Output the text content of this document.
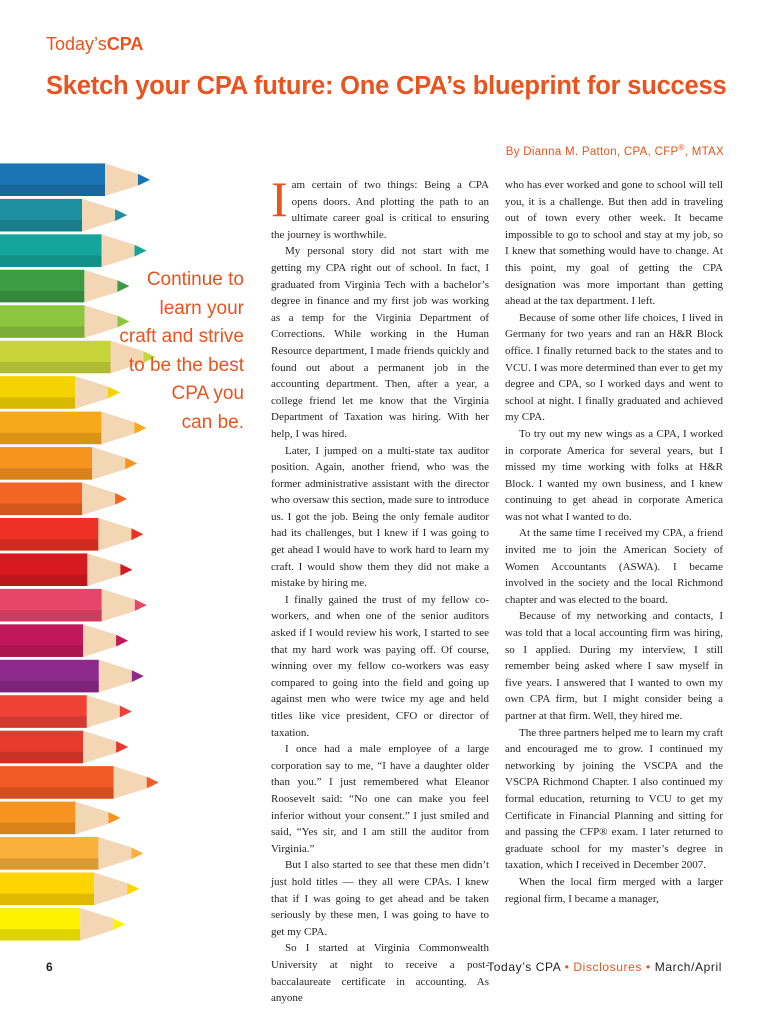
Today’sCPA
Sketch your CPA future: One CPA’s blueprint for success
By Dianna M. Patton, CPA, CFP®, MTAX
Continue to
learn your
craft and strive
to be the best
CPA you
can be.

Iam certain of two things: Being a CPA opens doors. And plotting the path to an ultimate career goal is critical to ensuring the journey is worthwhile.

My personal story did not start with me getting my CPA right out of school. In fact, I graduated from Virginia Tech with a bachelor’s degree in finance and my first job was working as a temp for the Virginia Department of Corrections. While working in the Human Resource department, I made friends quickly and found out about a permanent job in the accounting department. Then, after a year, a college friend let me know that the Virginia Department of Taxation was hiring. With her help, I was hired.

Later, I jumped on a multi-state tax auditor position. Again, another friend, who was the former administrative assistant with the director who oversaw this section, made sure to introduce us. I got the job. Being the only female auditor had its challenges, but I knew if I was going to get ahead I would have to work hard to learn my craft. I would show them they did not make a mistake by hiring me.

I finally gained the trust of my fellow co-workers, and when one of the senior auditors asked if I would review his work, I started to see that my hard work was paying off. Of course, winning over my fellow co-workers was easy compared to going into the field and going up against men who were twice my age and held titles like vice president, CFO or director of taxation.

I once had a male employee of a large corporation say to me, “I have a daughter older than you.” I just remembered what Eleanor Roosevelt said: “No one can make you feel inferior without your consent.” I just smiled and said, “Yes sir, and I am still the auditor from Virginia.”

But I also started to see that these men didn’t just hold titles — they all were CPAs. I knew that if I was going to get ahead and be taken seriously by these men, I was going to have to get my CPA.

So I started at Virginia Commonwealth University at night to receive a post-baccalaureate certificate in accounting. As anyone

who has ever worked and gone to school will tell you, it is a challenge. But then add in traveling out of town every other week. It became impossible to go to school and stay at my job, so I knew that something would have to change. At this point, my goal of getting the CPA designation was more important than getting ahead at the tax department. I left.

Because of some other life choices, I lived in Germany for two years and ran an H&R Block office. I finally returned back to the states and to VCU. I was more determined than ever to get my degree and CPA, so I worked days and went to school at night. I finally graduated and achieved my CPA.

To try out my new wings as a CPA, I worked in corporate America for several years, but I missed my time working with folks at H&R Block. I wanted my own business, and I knew continuing to get ahead in corporate America was not what I wanted to do.

At the same time I received my CPA, a friend invited me to join the American Society of Women Accountants (ASWA). I became involved in the society and the local Richmond chapter and was elected to the board.

Because of my networking and contacts, I was told that a local accounting firm was hiring, so I applied. During my interview, I still remember being asked where I saw myself in five years. I answered that I wanted to own my own CPA firm, but I might consider being a partner at that firm. Well, they hired me.

The three partners helped me to learn my craft and encouraged me to grow. I continued my networking by joining the VSCPA and the VSCPA Richmond Chapter. I also continued my formal education, returning to VCU to get my Certificate in Financial Planning and sitting for and passing the CFP® exam. I later returned to graduate school for my master’s degree in taxation, which I received in December 2007.

When the local firm merged with a larger regional firm, I became a manager,

6	Today’s CPA • Disclosures • March/April
